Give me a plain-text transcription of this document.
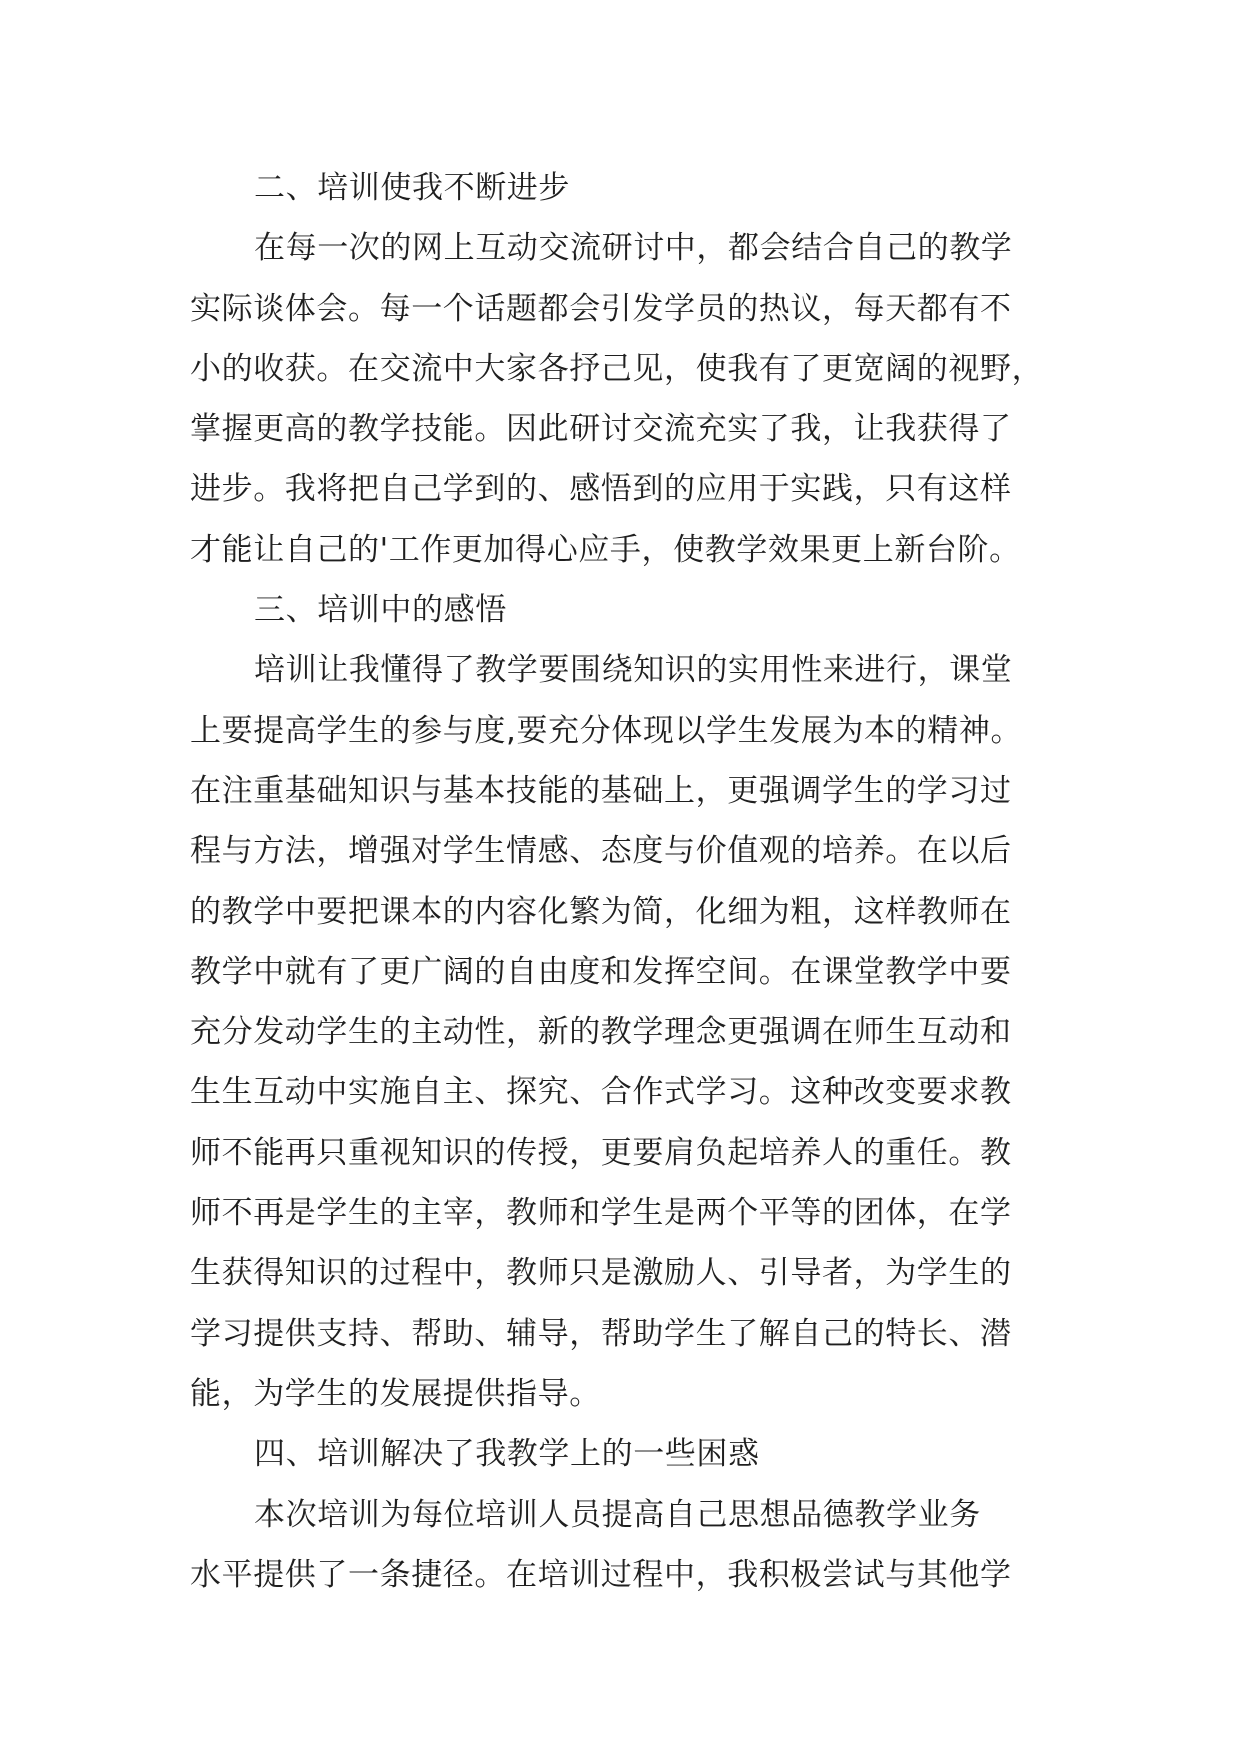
二、培训使我不断进步
在每一次的网上互动交流研讨中，都会结合自己的教学
实际谈体会。每一个话题都会引发学员的热议，每天都有不
小的收获。在交流中大家各抒己见，使我有了更宽阔的视野，
掌握更高的教学技能。因此研讨交流充实了我，让我获得了
进步。我将把自己学到的、感悟到的应用于实践，只有这样
才能让自己的'工作更加得心应手，使教学效果更上新台阶。
三、培训中的感悟
培训让我懂得了教学要围绕知识的实用性来进行，课堂
上要提高学生的参与度,要充分体现以学生发展为本的精神。
在注重基础知识与基本技能的基础上，更强调学生的学习过
程与方法，增强对学生情感、态度与价值观的培养。在以后
的教学中要把课本的内容化繁为简，化细为粗，这样教师在
教学中就有了更广阔的自由度和发挥空间。在课堂教学中要
充分发动学生的主动性，新的教学理念更强调在师生互动和
生生互动中实施自主、探究、合作式学习。这种改变要求教
师不能再只重视知识的传授，更要肩负起培养人的重任。教
师不再是学生的主宰，教师和学生是两个平等的团体，在学
生获得知识的过程中，教师只是激励人、引导者，为学生的
学习提供支持、帮助、辅导，帮助学生了解自己的特长、潜
能，为学生的发展提供指导。
四、培训解决了我教学上的一些困惑
本次培训为每位培训人员提高自己思想品德教学业务
水平提供了一条捷径。在培训过程中，我积极尝试与其他学
